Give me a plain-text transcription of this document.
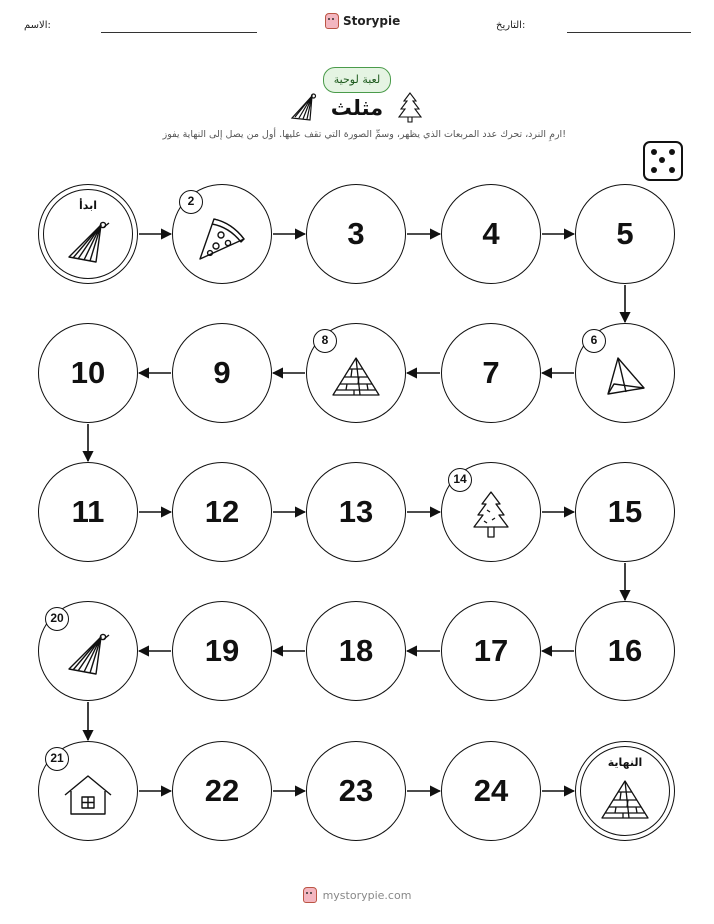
الاسم:	Storypie	التاريخ:
لعبة لوحية
مثلث
ارمِ النرد، تحرك عدد المربعات الذي يظهر، وسمِّ الصورة التي تقف عليها. أول من يصل إلى النهاية يفوز!
ابدأ	2
3	4	5
10	9
8
7
6
11	12	13
14
15
20
19	18	17	16
21
22	23	24
النهاية
mystorypie.com
